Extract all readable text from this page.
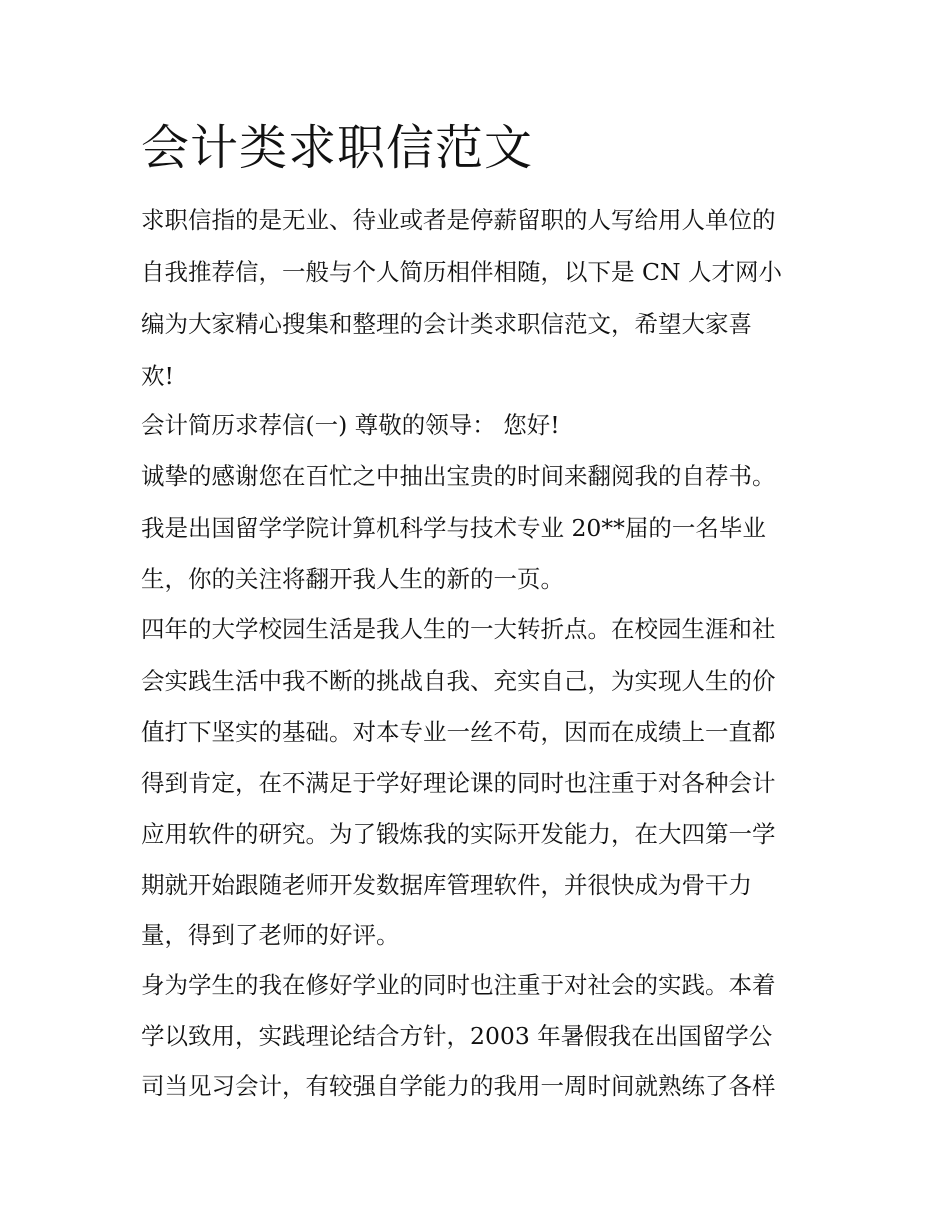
会计类求职信范文

求职信指的是无业、待业或者是停薪留职的人写给用人单位的

自我推荐信，一般与个人简历相伴相随，以下是 CN 人才网小

编为大家精心搜集和整理的会计类求职信范文，希望大家喜

欢!

会计简历求荐信(一) 尊敬的领导： 您好!

诚挚的感谢您在百忙之中抽出宝贵的时间来翻阅我的自荐书。

我是出国留学学院计算机科学与技术专业 20**届的一名毕业

生，你的关注将翻开我人生的新的一页。

四年的大学校园生活是我人生的一大转折点。在校园生涯和社

会实践生活中我不断的挑战自我、充实自己，为实现人生的价

值打下坚实的基础。对本专业一丝不苟，因而在成绩上一直都

得到肯定，在不满足于学好理论课的同时也注重于对各种会计

应用软件的研究。为了锻炼我的实际开发能力，在大四第一学

期就开始跟随老师开发数据库管理软件，并很快成为骨干力

量，得到了老师的好评。

身为学生的我在修好学业的同时也注重于对社会的实践。本着

学以致用，实践理论结合方针，2003 年暑假我在出国留学公

司当见习会计，有较强自学能力的我用一周时间就熟练了各样
